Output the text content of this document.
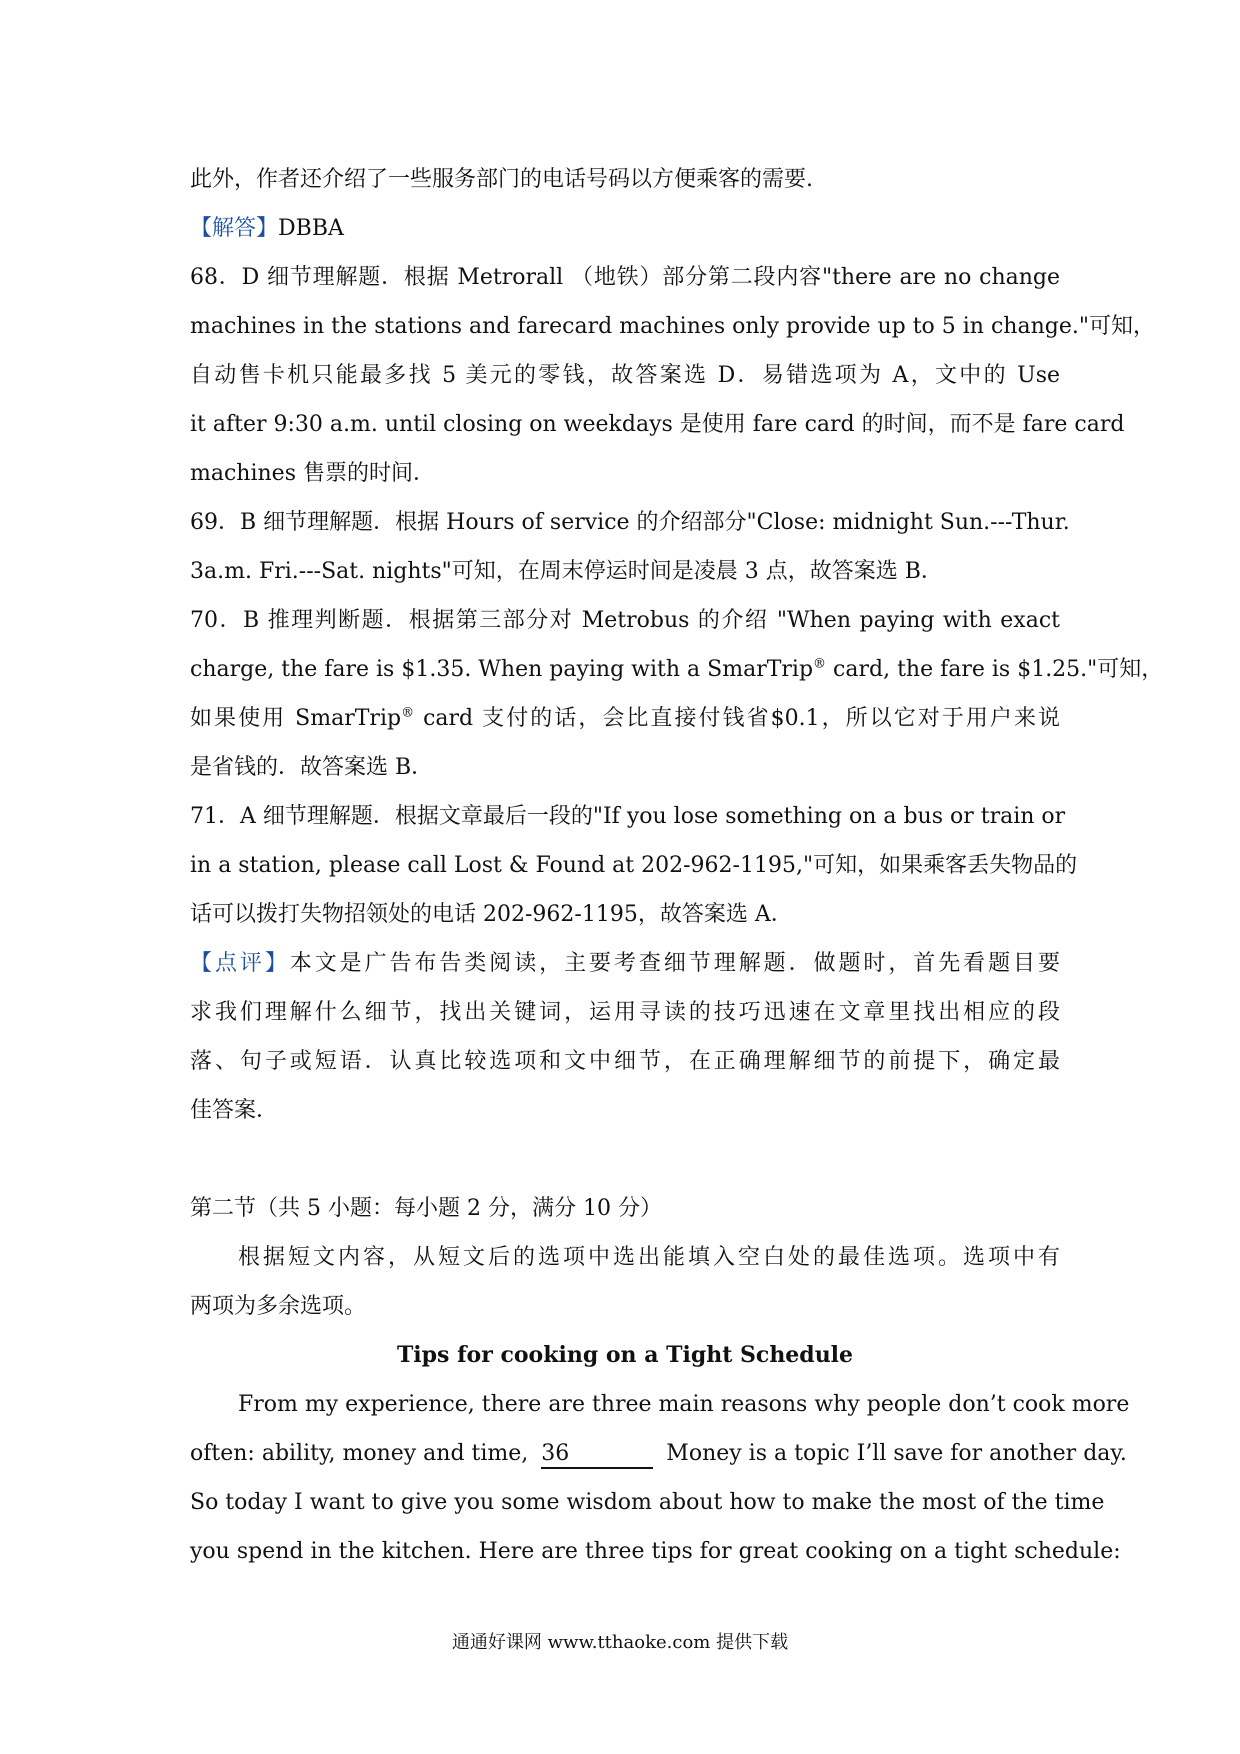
此外，作者还介绍了一些服务部门的电话号码以方便乘客的需要.
【解答】DBBA
68．D 细节理解题．根据 Metrorall （地铁）部分第二段内容"there are no change
machines in the stations and farecard machines only provide up to 5 in change."可知，
自动售卡机只能最多找 5 美元的零钱，故答案选 D．易错选项为 A，文中的 Use
it after 9:30 a.m. until closing on weekdays 是使用 fare card 的时间，而不是 fare card
machines 售票的时间．
69．B 细节理解题．根据 Hours of service 的介绍部分"Close: midnight Sun.---Thur.
3a.m. Fri.---Sat. nights"可知，在周末停运时间是凌晨 3 点，故答案选 B．
70．B 推理判断题．根据第三部分对 Metrobus 的介绍 "When paying with exact
charge, the fare is $1.35. When paying with a SmarTrip® card, the fare is $1.25."可知，
如果使用 SmarTrip® card 支付的话，会比直接付钱省$0.1，所以它对于用户来说
是省钱的．故答案选 B．
71．A 细节理解题．根据文章最后一段的"If you lose something on a bus or train or
in a station, please call Lost & Found at 202-962-1195,"可知，如果乘客丢失物品的
话可以拨打失物招领处的电话 202-962-1195，故答案选 A．
【点评】本文是广告布告类阅读，主要考查细节理解题．做题时，首先看题目要
求我们理解什么细节，找出关键词，运用寻读的技巧迅速在文章里找出相应的段
落、句子或短语．认真比较选项和文中细节，在正确理解细节的前提下，确定最
佳答案．
第二节（共 5 小题：每小题 2 分，满分 10 分）
根据短文内容，从短文后的选项中选出能填入空白处的最佳选项。选项中有
两项为多余选项。
Tips for cooking on a Tight Schedule
From my experience, there are three main reasons why people don’t cook more
often: ability, money and time, 36	Money is a topic I’ll save for another day.
So today I want to give you some wisdom about how to make the most of the time
you spend in the kitchen. Here are three tips for great cooking on a tight schedule:
通通好课网 www.tthaoke.com 提供下载
